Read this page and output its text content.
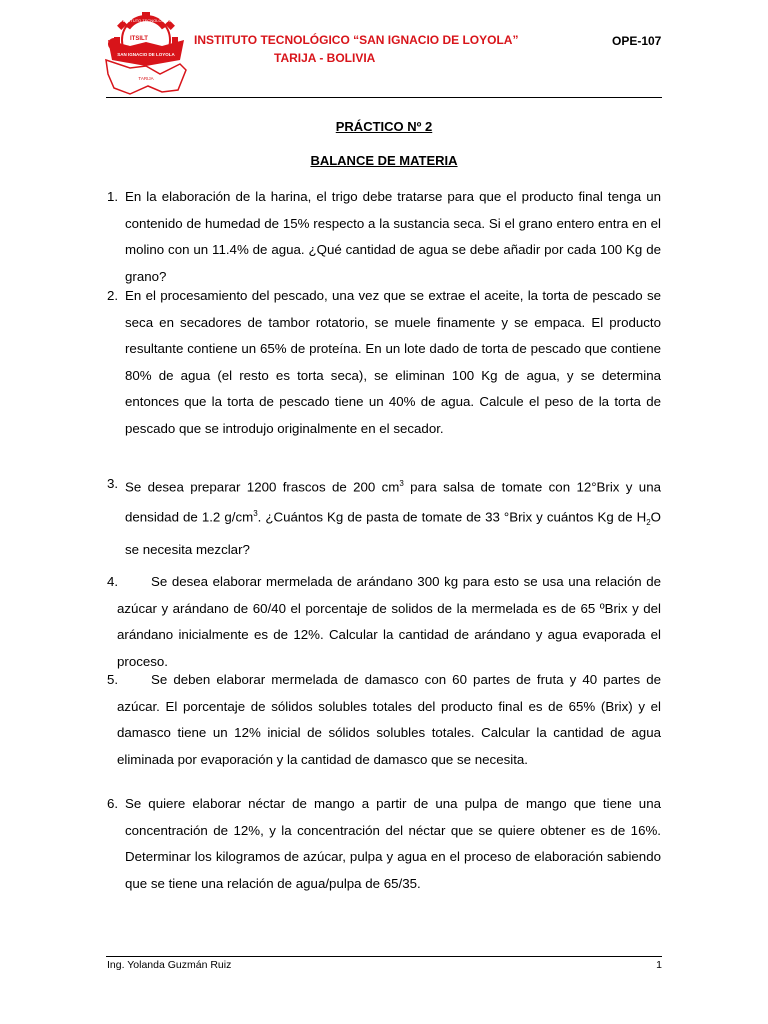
INSTITUTO TECNOLÓGICO
ITSILT
SAN IGNACIO DE LOYOLA
TARIJA
INSTITUTO TECNOLÓGICO “SAN IGNACIO DE LOYOLA”
TARIJA - BOLIVIA
OPE-107
PRÁCTICO Nº 2
BALANCE DE MATERIA
1. En la elaboración de la harina, el trigo debe tratarse para que el producto final tenga un contenido de humedad de 15% respecto a la sustancia seca. Si el grano entero entra en el molino con un 11.4% de agua. ¿Qué cantidad de agua se debe añadir por cada 100 Kg de grano?
2. En el procesamiento del pescado, una vez que se extrae el aceite, la torta de pescado se seca en secadores de tambor rotatorio, se muele finamente y se empaca. El producto resultante contiene un 65% de proteína. En un lote dado de torta de pescado que contiene 80% de agua (el resto es torta seca), se eliminan 100 Kg de agua, y se determina entonces que la torta de pescado tiene un 40% de agua. Calcule el peso de la torta de pescado que se introdujo originalmente en el secador.
3. Se desea preparar 1200 frascos de 200 $cm^3$ para salsa de tomate con 12°Brix y una densidad de 1.2 $g/cm^3$. ¿Cuántos Kg de pasta de tomate de 33 °Brix y cuántos Kg de $H_2O$ se necesita mezclar?
4.	Se desea elaborar mermelada de arándano 300 kg para esto se usa una relación de azúcar y arándano de 60/40 el porcentaje de solidos de la mermelada es de 65 ºBrix y del arándano inicialmente es de 12%. Calcular la cantidad de arándano y agua evaporada el proceso.
5.	Se deben elaborar mermelada de damasco con 60 partes de fruta y 40 partes de azúcar. El porcentaje de sólidos solubles totales del producto final es de 65% (Brix) y el damasco tiene un 12% inicial de sólidos solubles totales. Calcular la cantidad de agua eliminada por evaporación y la cantidad de damasco que se necesita.
6. Se quiere elaborar néctar de mango a partir de una pulpa de mango que tiene una concentración de 12%, y la concentración del néctar que se quiere obtener es de 16%. Determinar los kilogramos de azúcar, pulpa y agua en el proceso de elaboración sabiendo que se tiene una relación de agua/pulpa de 65/35.
Ing. Yolanda Guzmán Ruiz	1
